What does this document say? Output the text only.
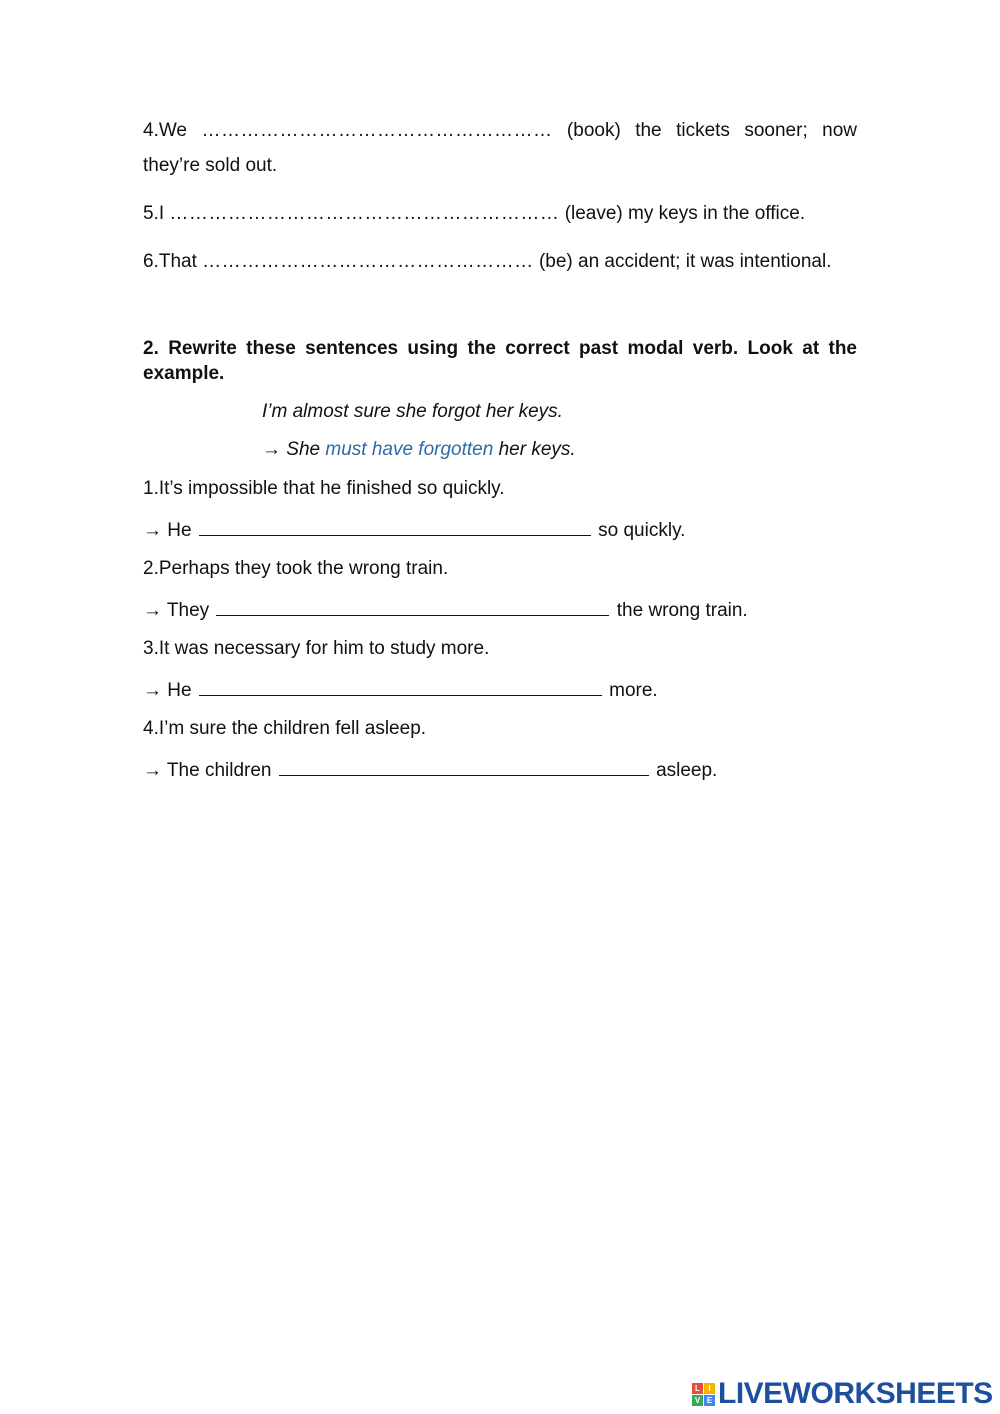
4.We ……………………………………………… (book) the tickets sooner; now
they’re sold out.
5.I …………………………………………………… (leave) my keys in the office.
6.That …………………………………………… (be) an accident; it was intentional.
2. Rewrite these sentences using the correct past modal verb. Look at the
example.
I’m almost sure she forgot her keys.
→ She must have forgotten her keys.
1.It’s impossible that he finished so quickly.
→ He	so quickly.
2.Perhaps they took the wrong train.
→ They	the wrong train.
3.It was necessary for him to study more.
→ He	more.
4.I’m sure the children fell asleep.
→ The children	asleep.
L	I
V E LIVEWORKSHEETS
